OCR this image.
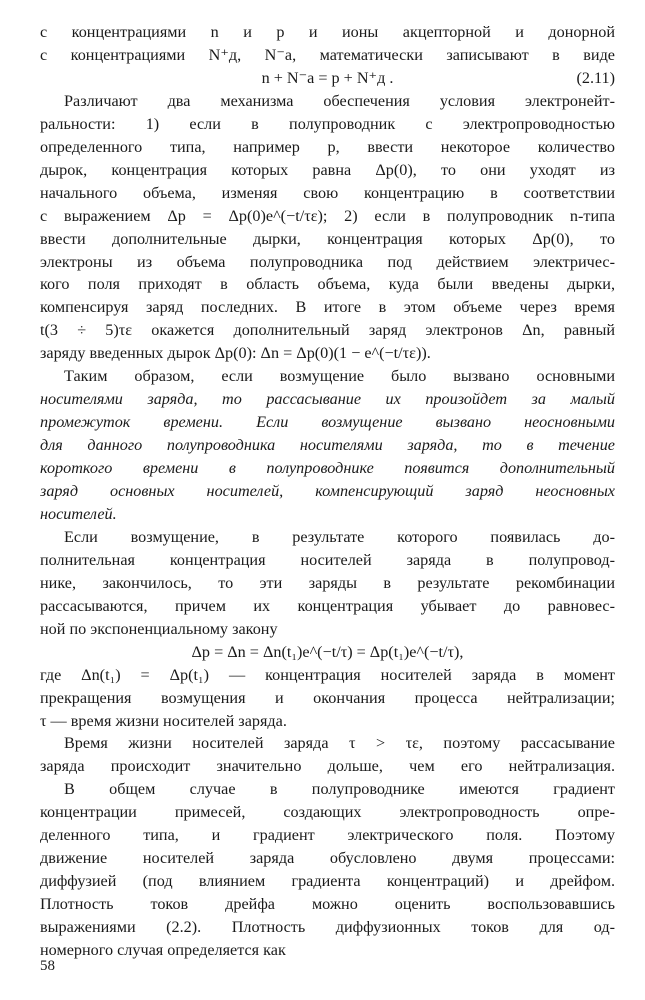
с концентрациями n и p и ионы акцепторной и донорной
с концентрациями N⁺д, N⁻а, математически записывают в виде
n + N⁻а = p + N⁺д .	(2.11)
Различают два механизма обеспечения условия электронейт-
ральности: 1) если в полупроводник с электропроводностью
определенного типа, например p, ввести некоторое количество
дырок, концентрация которых равна Δp(0), то они уходят из
начального объема, изменяя свою концентрацию в соответствии
с выражением Δp = Δp(0)e^(−t/τε); 2) если в полупроводник n-типа
ввести дополнительные дырки, концентрация которых Δp(0), то
электроны из объема полупроводника под действием электричес-
кого поля приходят в область объема, куда были введены дырки,
компенсируя заряд последних. В итоге в этом объеме через время
t(3 ÷ 5)τε окажется дополнительный заряд электронов Δn, равный
заряду введенных дырок Δp(0): Δn = Δp(0)(1 − e^(−t/τε)).
Таким образом, если возмущение было вызвано основными
носителями заряда, то рассасывание их произойдет за малый
промежуток времени. Если возмущение вызвано неосновными
для данного полупроводника носителями заряда, то в течение
короткого времени в полупроводнике появится дополнительный
заряд основных носителей, компенсирующий заряд неосновных
носителей.
Если возмущение, в результате которого появилась до-
полнительная концентрация носителей заряда в полупровод-
нике, закончилось, то эти заряды в результате рекомбинации
рассасываются, причем их концентрация убывает до равновес-
ной по экспоненциальному закону
Δp = Δn = Δn(t₁)e^(−t/τ) = Δp(t₁)e^(−t/τ),
где Δn(t₁) = Δp(t₁) — концентрация носителей заряда в момент
прекращения возмущения и окончания процесса нейтрализации;
τ — время жизни носителей заряда.
Время жизни носителей заряда τ > τε, поэтому рассасывание
заряда происходит значительно дольше, чем его нейтрализация.
В общем случае в полупроводнике имеются градиент
концентрации примесей, создающих электропроводность опре-
деленного типа, и градиент электрического поля. Поэтому
движение носителей заряда обусловлено двумя процессами:
диффузией (под влиянием градиента концентраций) и дрейфом.
Плотность токов дрейфа можно оценить воспользовавшись
выражениями (2.2). Плотность диффузионных токов для од-
номерного случая определяется как
58
